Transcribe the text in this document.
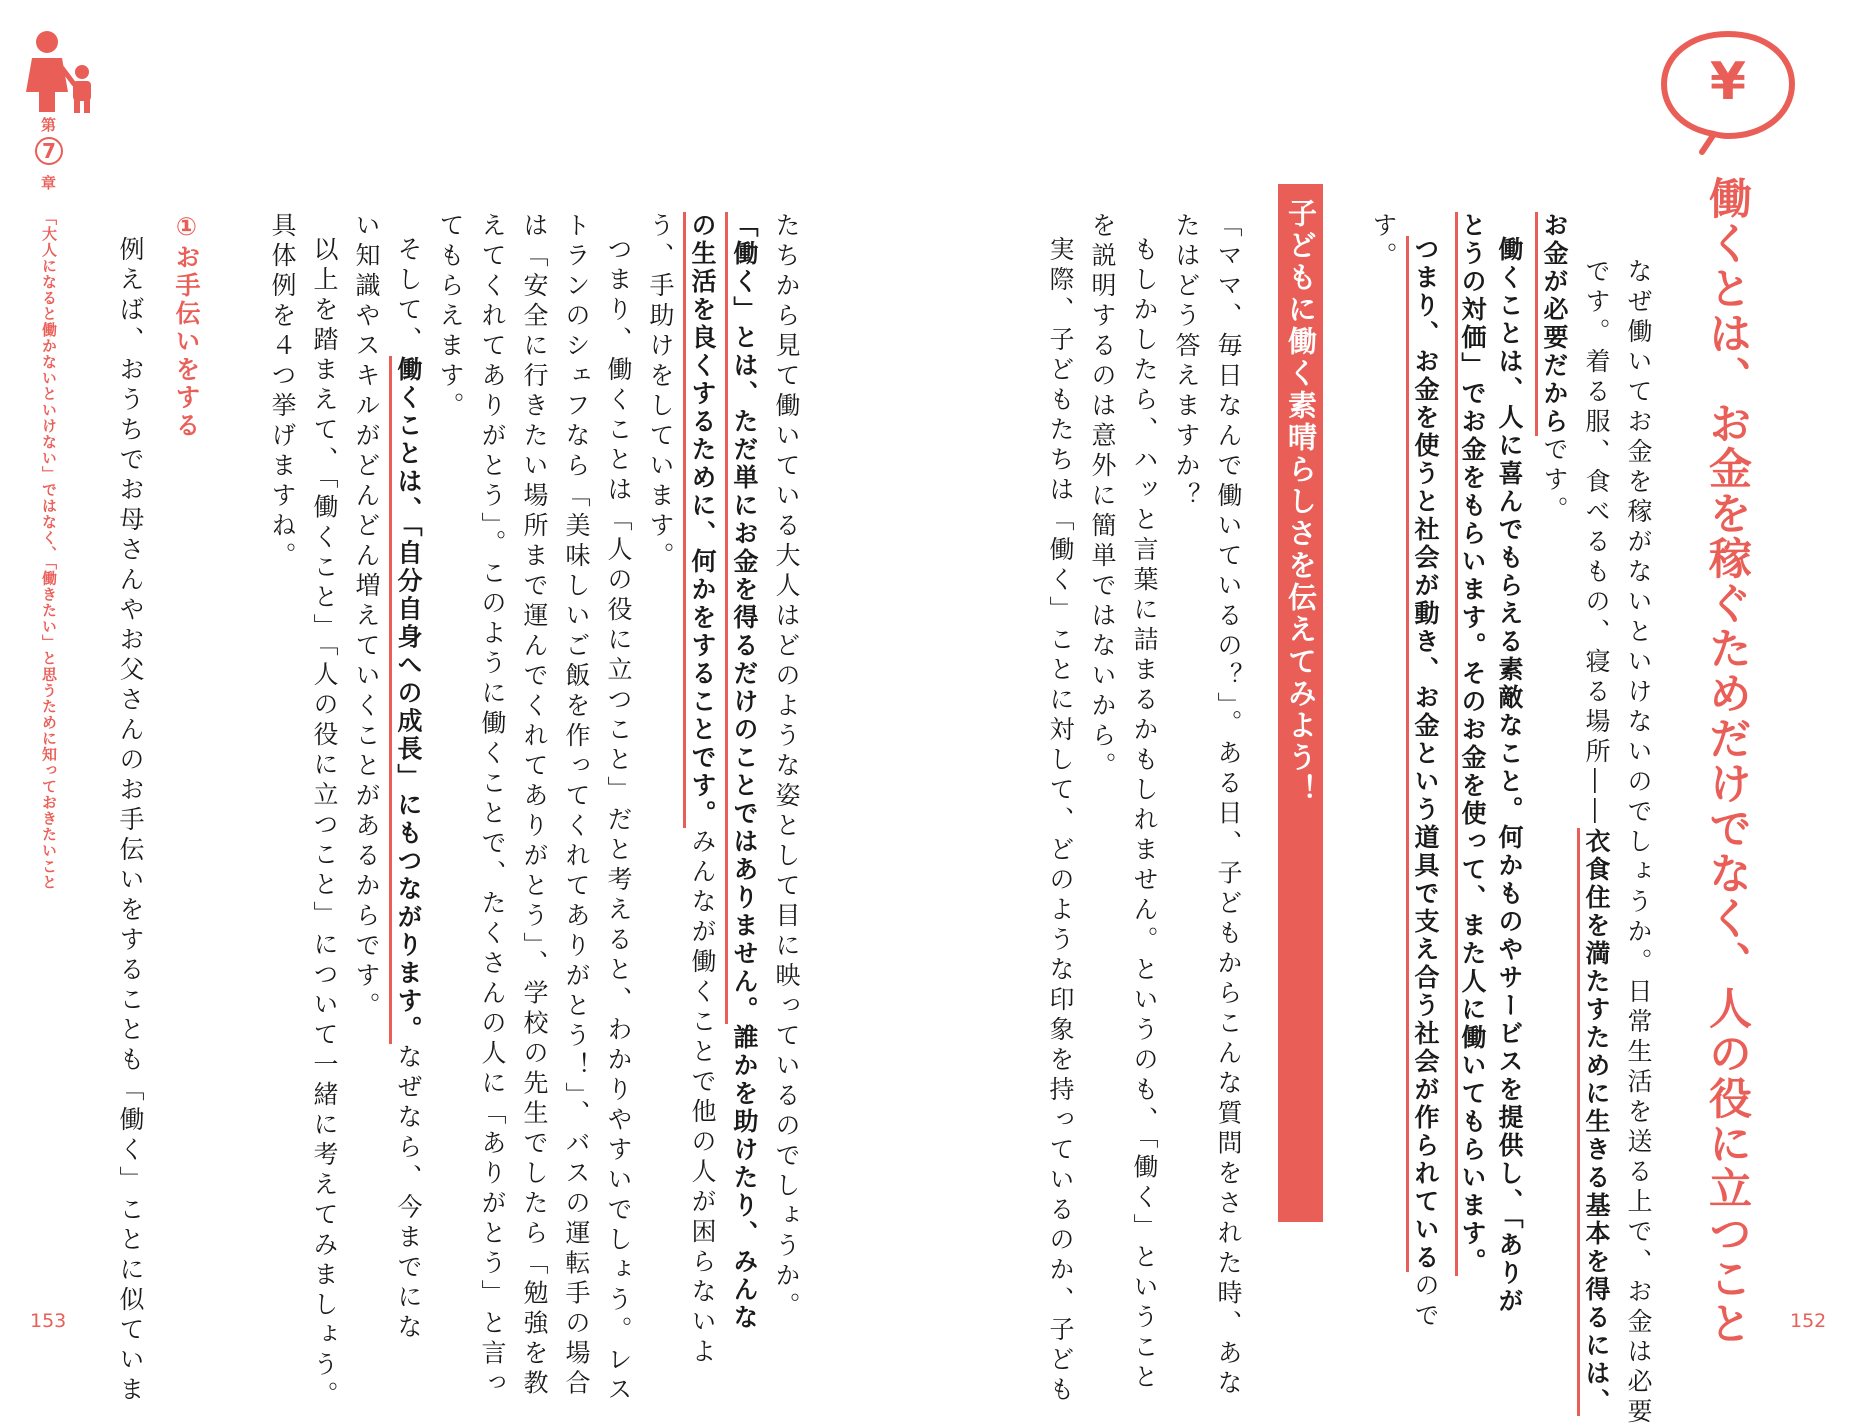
第
7
章
「大人になると働かないといけない」ではなく、「働きたい」と思うために知っておきたいこと
¥
働くとは、お金を稼ぐためだけでなく、人の役に立つこと
なぜ働いてお金を稼がないといけないのでしょうか。日常生活を送る上で、お金は必要
です。着る服、食べるもの、寝る場所――衣食住を満たすために生きる基本を得るには、
お金が必要だからです。
働くことは、人に喜んでもらえる素敵なこと。何かものやサービスを提供し、「ありが
とうの対価」でお金をもらいます。そのお金を使って、また人に働いてもらいます。
つまり、お金を使うと社会が動き、お金という道具で支え合う社会が作られているので
す。
子どもに働く素晴らしさを伝えてみよう！
「ママ、毎日なんで働いているの？」。ある日、子どもからこんな質問をされた時、あな
たはどう答えますか？
もしかしたら、ハッと言葉に詰まるかもしれません。というのも、「働く」ということ
を説明するのは意外に簡単ではないから。
実際、子どもたちは「働く」ことに対して、どのような印象を持っているのか、子ども
たちから見て働いている大人はどのような姿として目に映っているのでしょうか。
「働く」とは、ただ単にお金を得るだけのことではありません。誰かを助けたり、みんな
の生活を良くするために、何かをすることです。みんなが働くことで他の人が困らないよ
う、手助けをしています。
つまり、働くことは「人の役に立つこと」だと考えると、わかりやすいでしょう。レス
トランのシェフなら「美味しいご飯を作ってくれてありがとう！」、バスの運転手の場合
は「安全に行きたい場所まで運んでくれてありがとう」、学校の先生でしたら「勉強を教
えてくれてありがとう」。このように働くことで、たくさんの人に「ありがとう」と言っ
てもらえます。
そして、働くことは、「自分自身への成長」にもつながります。なぜなら、今までにな
い知識やスキルがどんどん増えていくことがあるからです。
以上を踏まえて、「働くこと」「人の役に立つこと」について一緒に考えてみましょう。
具体例を４つ挙げますね。
①お手伝いをする
例えば、おうちでお母さんやお父さんのお手伝いをすることも「働く」ことに似ていま
153	152
